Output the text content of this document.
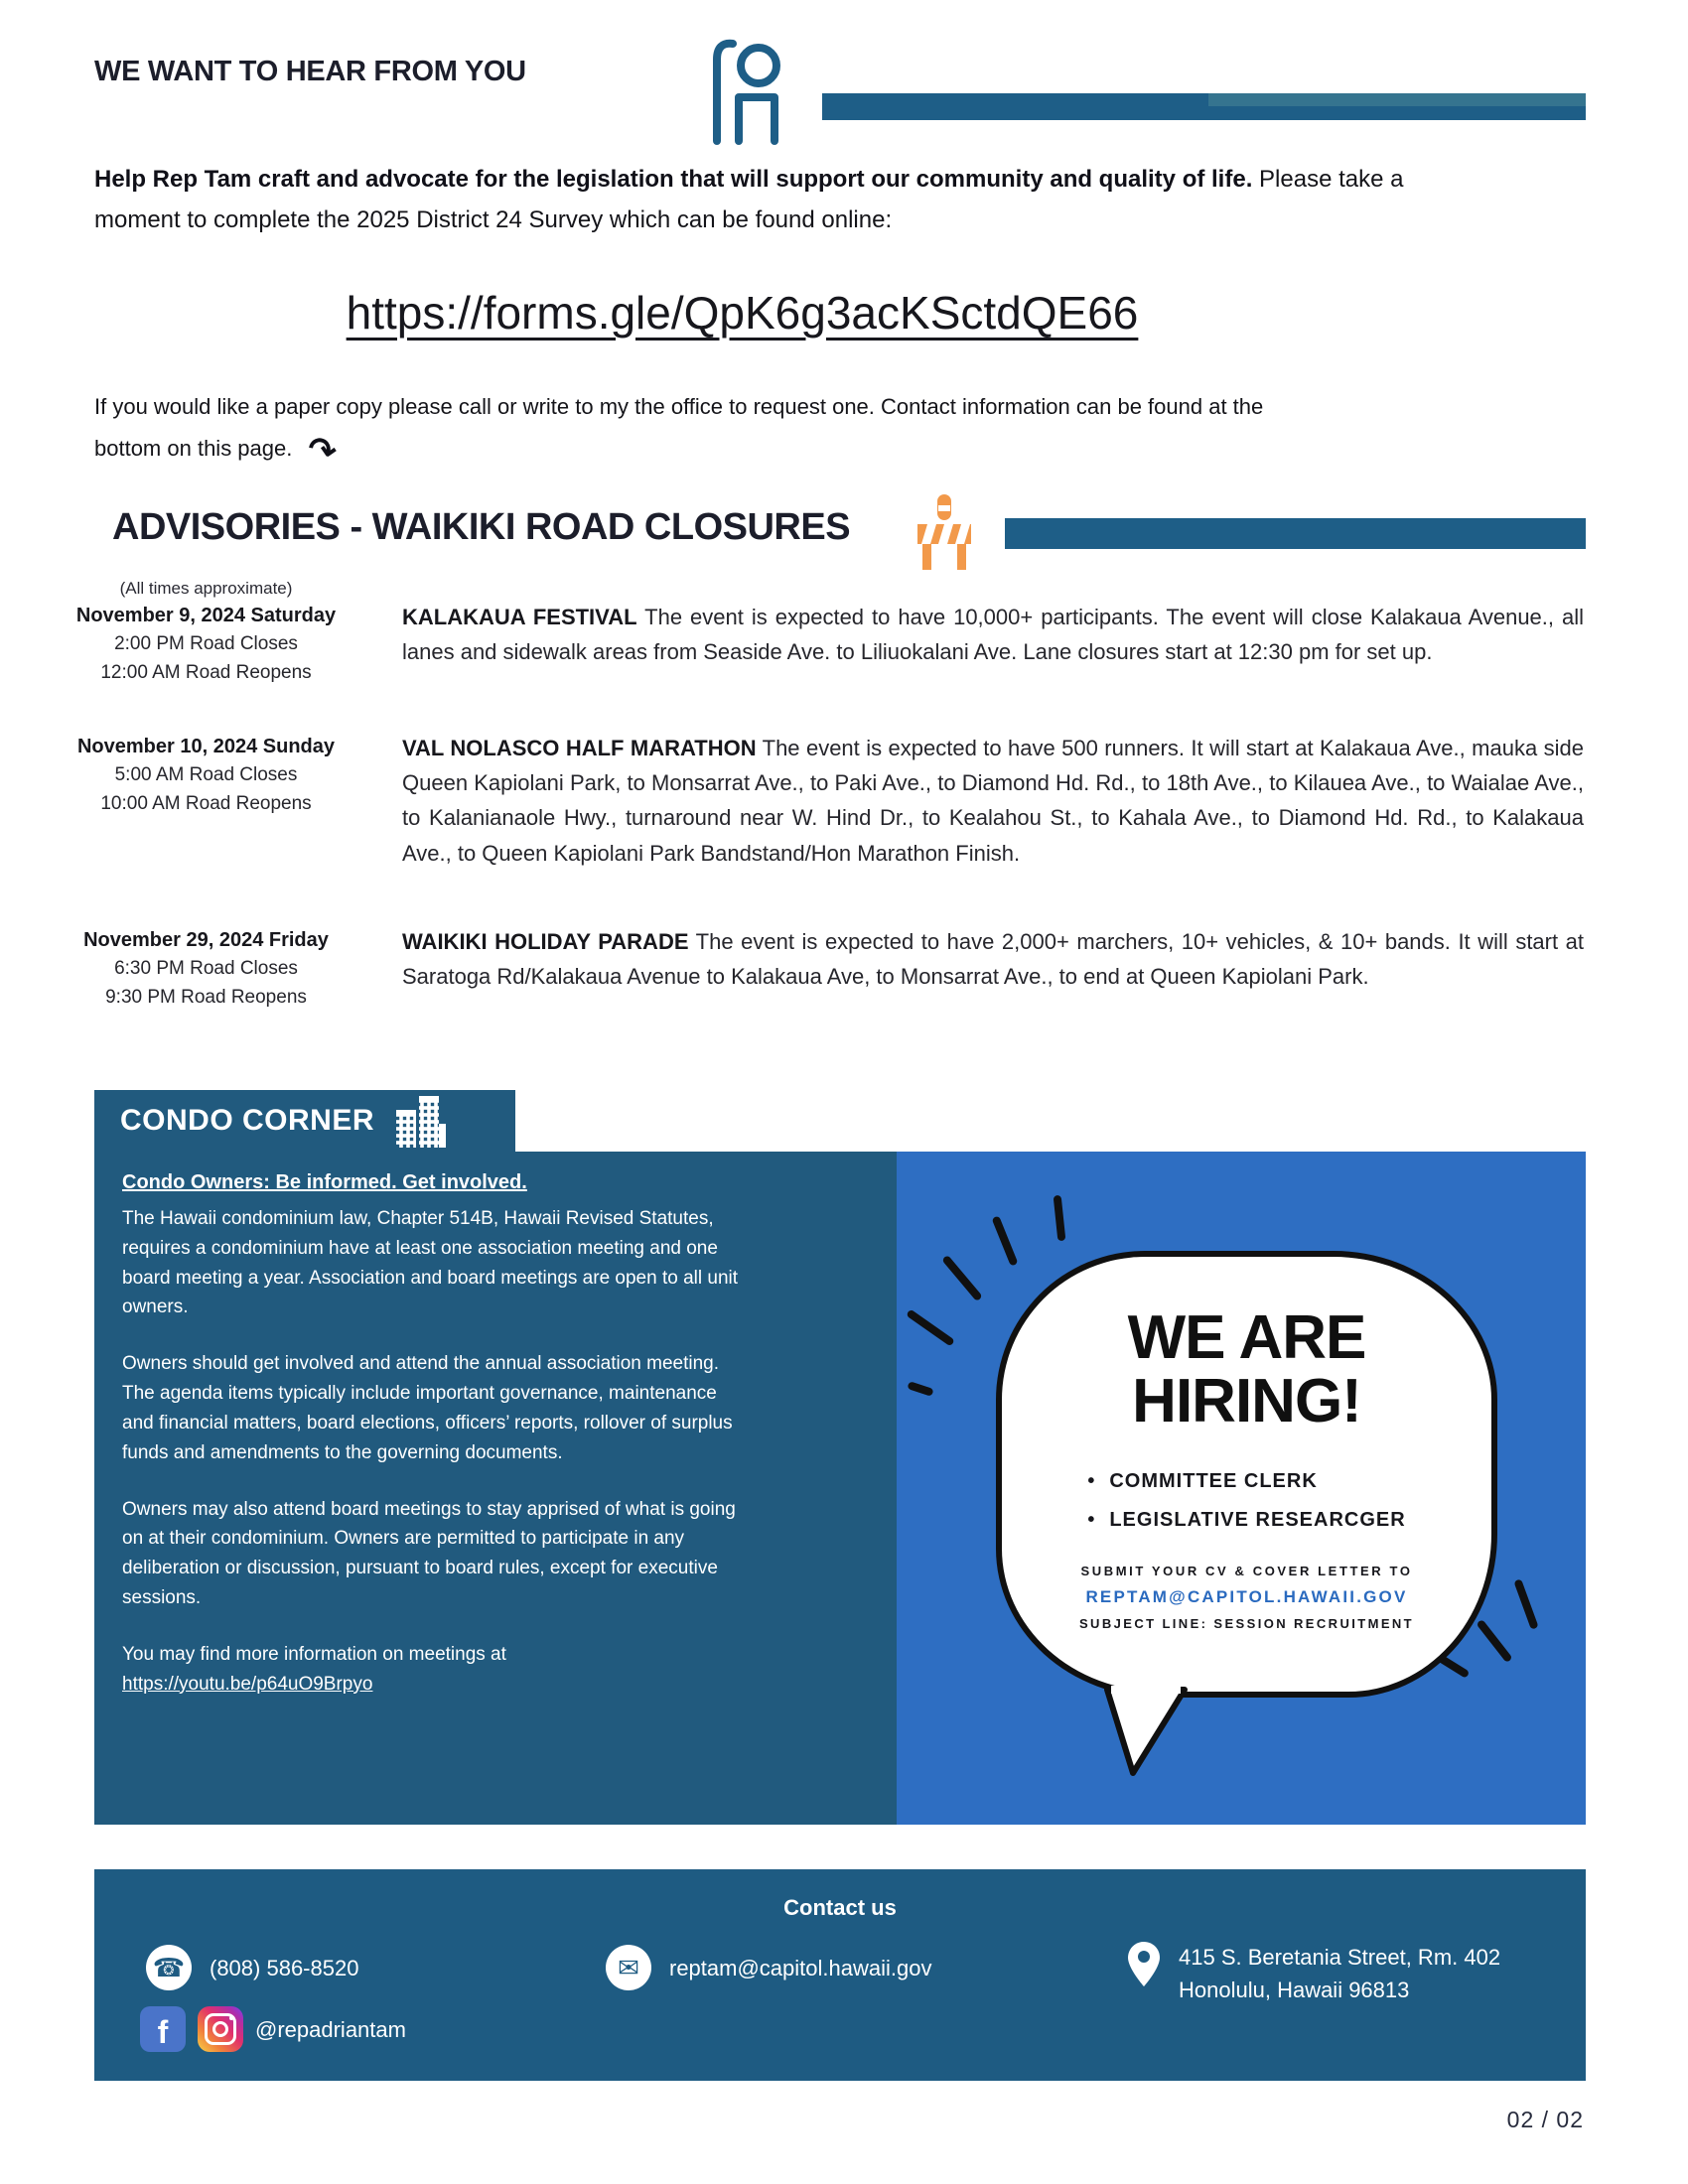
WE WANT TO HEAR FROM YOU

Help Rep Tam craft and advocate for the legislation that will support our community and quality of life. Please take a moment to complete the 2025 District 24 Survey which can be found online:

https://forms.gle/QpK6g3acKSctdQE66

If you would like a paper copy please call or write to my the office to request one. Contact information can be found at the bottom on this page. ↷

ADVISORIES - WAIKIKI ROAD CLOSURES
(All times approximate)
November 9, 2024 Saturday
2:00 PM Road Closes
12:00 AM Road Reopens

KALAKAUA FESTIVAL The event is expected to have 10,000+ participants. The event will close Kalakaua Avenue., all lanes and sidewalk areas from Seaside Ave. to Liliuokalani Ave. Lane closures start at 12:30 pm for set up.

November 10, 2024 Sunday
5:00 AM Road Closes
10:00 AM Road Reopens

VAL NOLASCO HALF MARATHON The event is expected to have 500 runners. It will start at Kalakaua Ave., mauka side Queen Kapiolani Park, to Monsarrat Ave., to Paki Ave., to Diamond Hd. Rd., to 18th Ave., to Kilauea Ave., to Waialae Ave., to Kalanianaole Hwy., turnaround near W. Hind Dr., to Kealahou St., to Kahala Ave., to Diamond Hd. Rd., to Kalakaua Ave., to Queen Kapiolani Park Bandstand/Hon Marathon Finish.

November 29, 2024 Friday
6:30 PM Road Closes
9:30 PM Road Reopens

WAIKIKI HOLIDAY PARADE The event is expected to have 2,000+ marchers, 10+ vehicles, & 10+ bands. It will start at Saratoga Rd/Kalakaua Avenue to Kalakaua Ave, to Monsarrat Ave., to end at Queen Kapiolani Park.

CONDO CORNER
Condo Owners: Be informed. Get involved.

The Hawaii condominium law, Chapter 514B, Hawaii Revised Statutes, requires a condominium have at least one association meeting and one board meeting a year. Association and board meetings are open to all unit owners.

Owners should get involved and attend the annual association meeting. The agenda items typically include important governance, maintenance and financial matters, board elections, officers’ reports, rollover of surplus funds and amendments to the governing documents.

Owners may also attend board meetings to stay apprised of what is going on at their condominium. Owners are permitted to participate in any deliberation or discussion, pursuant to board rules, except for executive sessions.

You may find more information on meetings at
https://youtu.be/p64uO9Brpyo

WE ARE
HIRING!
• COMMITTEE CLERK
• LEGISLATIVE RESEARCGER
SUBMIT YOUR CV & COVER LETTER TO
REPTAM@CAPITOL.HAWAII.GOV
SUBJECT LINE: SESSION RECRUITMENT
Contact us
☎	(808) 586-8520	✉	reptam@capitol.hawaii.gov	415 S. Beretania Street, Rm. 402
Honolulu, Hawaii 96813
f	@repadriantam
02 / 02
